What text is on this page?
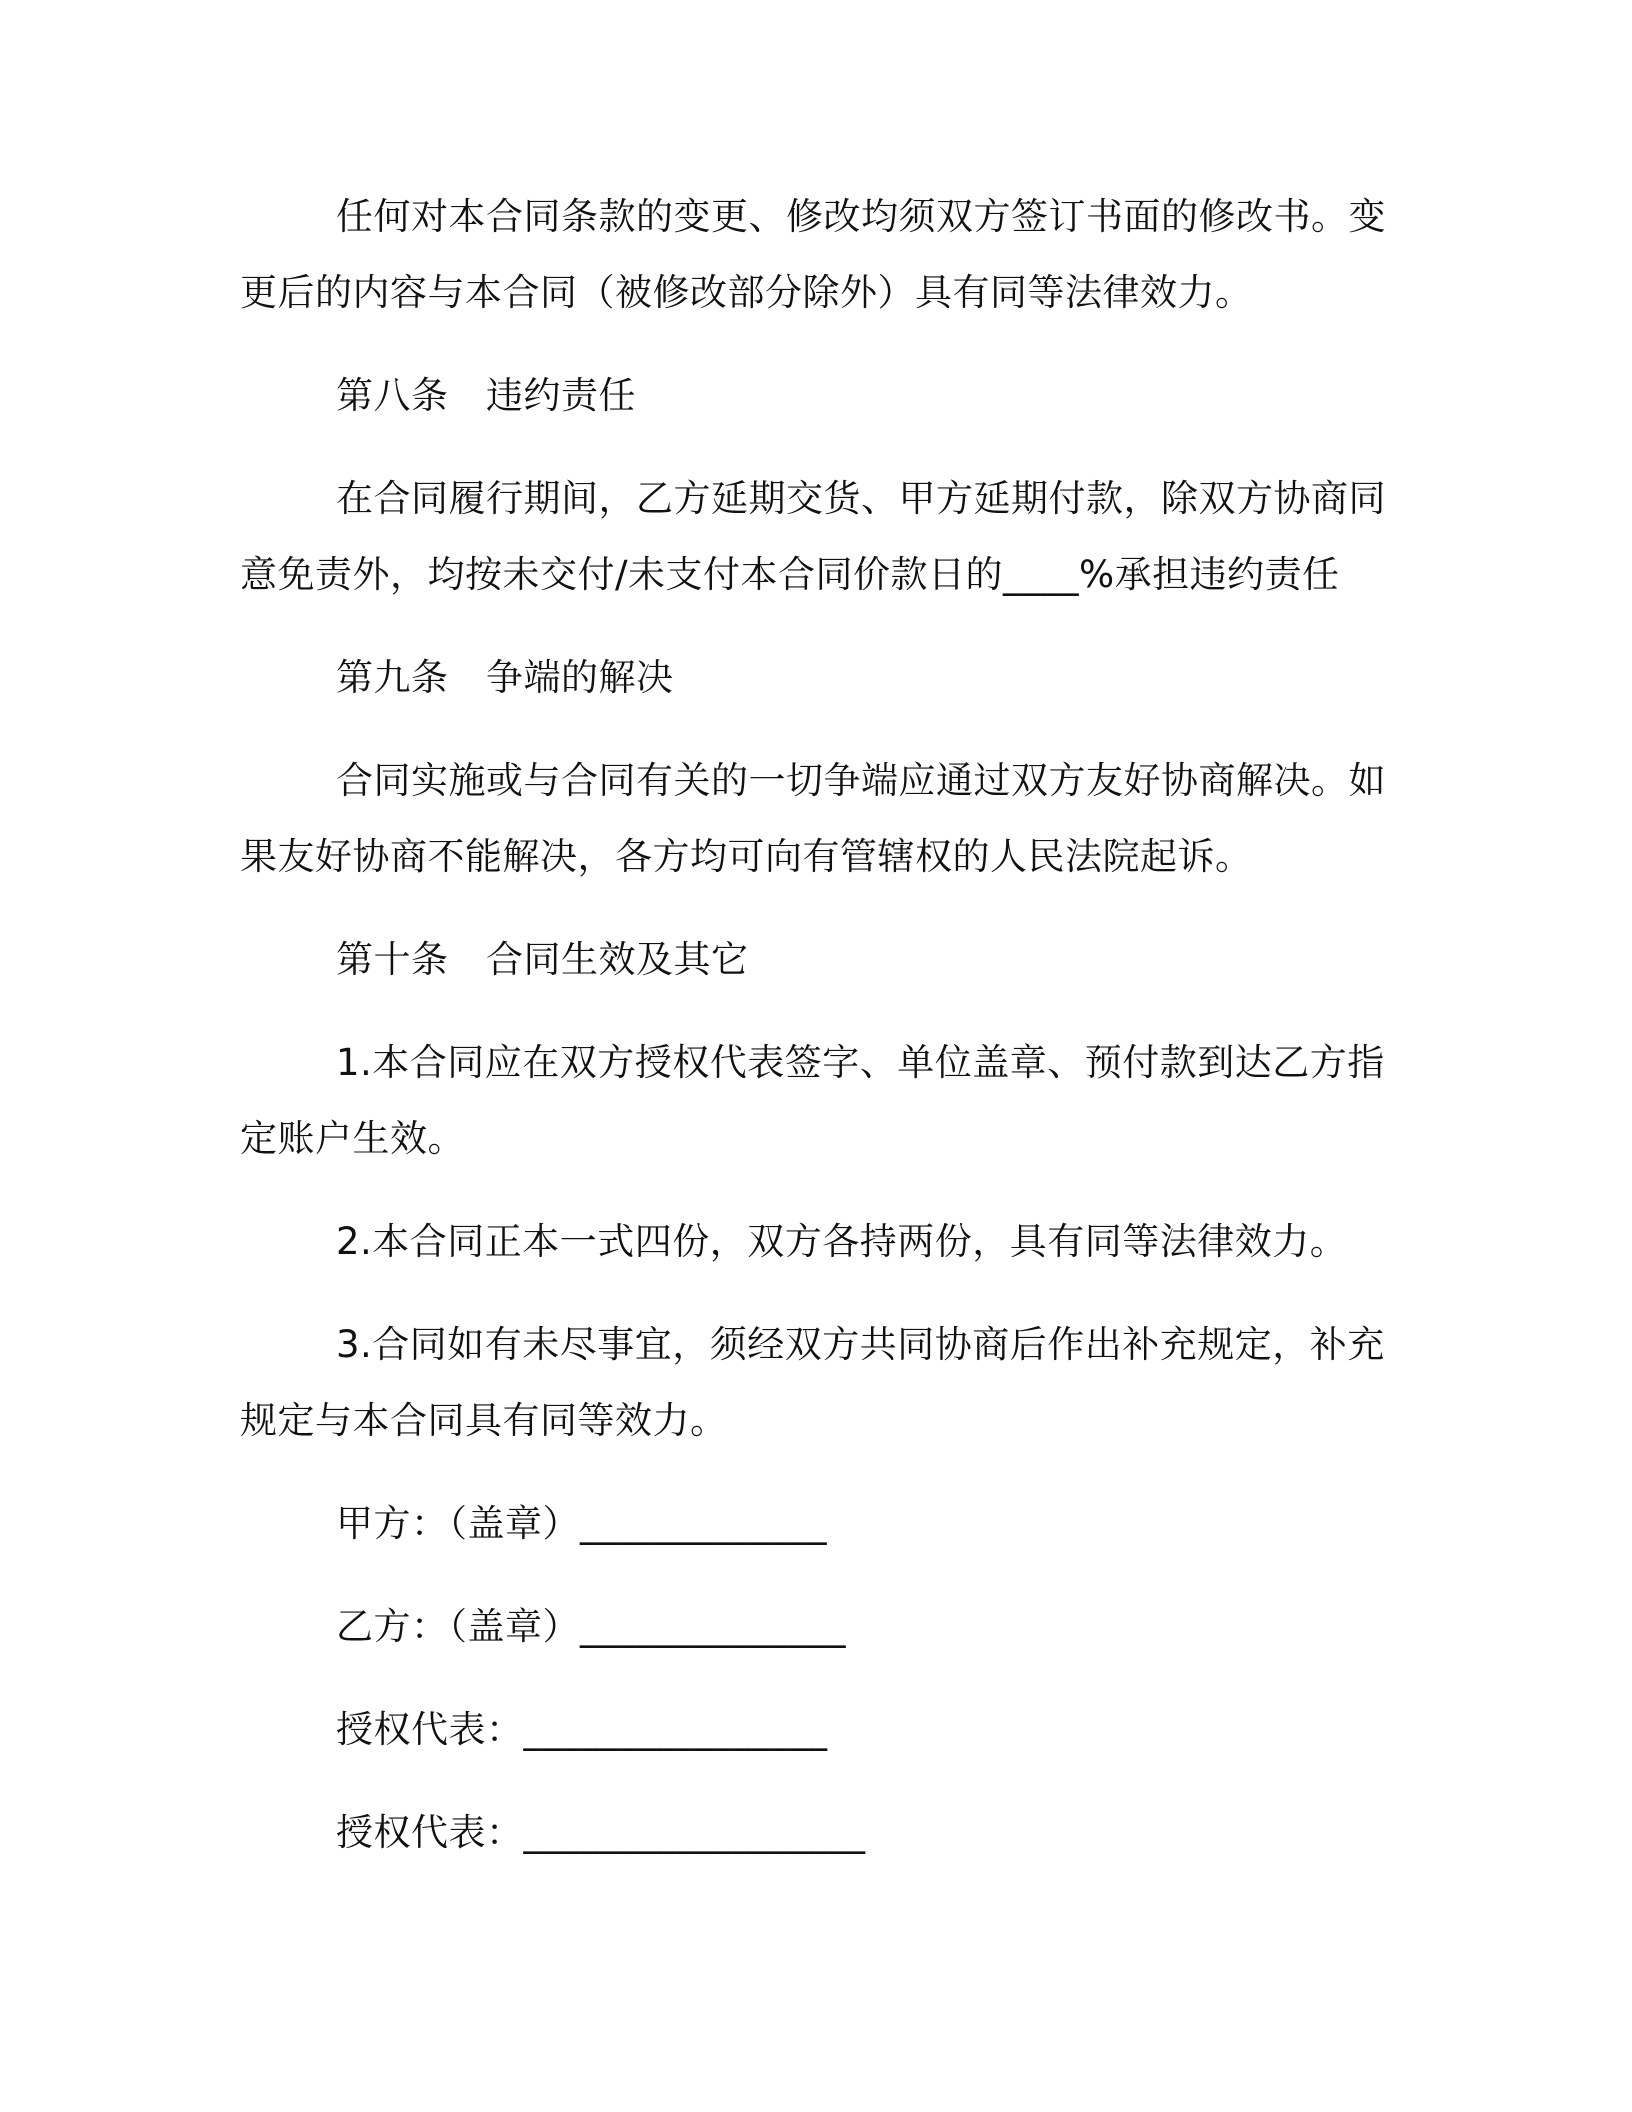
任何对本合同条款的变更、修改均须双方签订书面的修改书。变
更后的内容与本合同（被修改部分除外）具有同等法律效力。
第八条　违约责任
在合同履行期间，乙方延期交货、甲方延期付款，除双方协商同
意免责外，均按未交付/未支付本合同价款日的____%承担违约责任
第九条　争端的解决
合同实施或与合同有关的一切争端应通过双方友好协商解决。如
果友好协商不能解决，各方均可向有管辖权的人民法院起诉。
第十条　合同生效及其它
1.本合同应在双方授权代表签字、单位盖章、预付款到达乙方指
定账户生效。
2.本合同正本一式四份，双方各持两份，具有同等法律效力。
3.合同如有未尽事宜，须经双方共同协商后作出补充规定，补充
规定与本合同具有同等效力。
甲方：（盖章）_____________
乙方：（盖章）______________
授权代表：________________
授权代表：__________________
